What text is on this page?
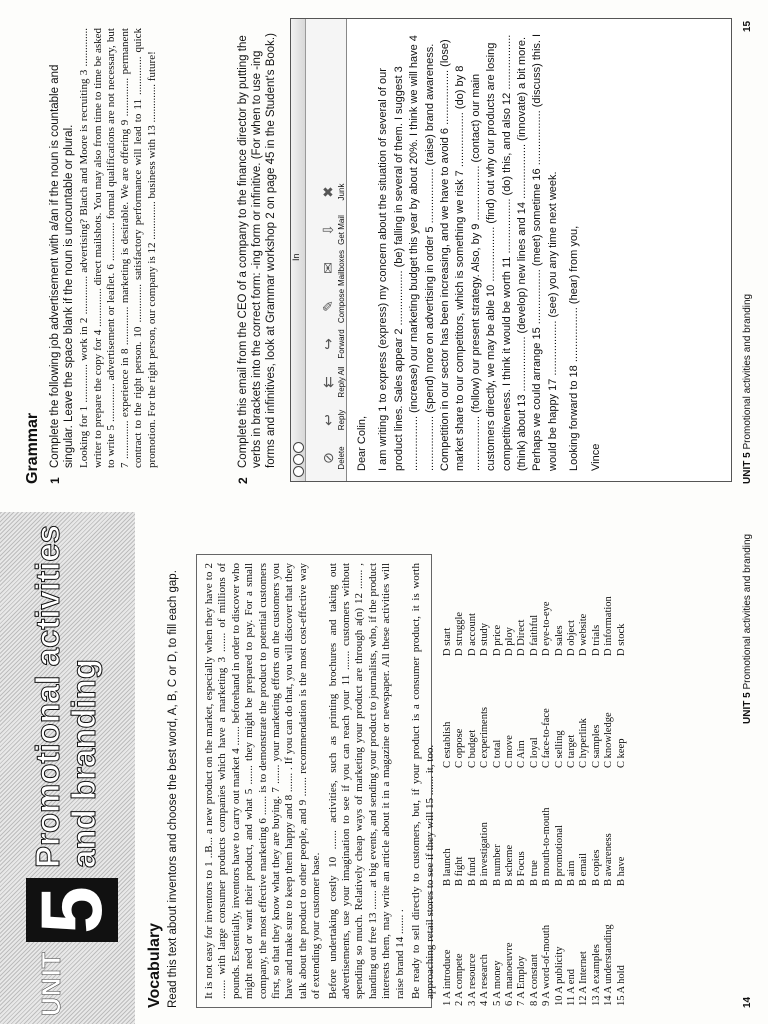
UNIT
5
Promotional activities and branding
Vocabulary Read this text about inventors and choose the best word, A, B, C or D, to fill each gap. It is not easy for inventors to 1 ..B... a new product on the market, especially when they have to 2 ....... with large consumer products companies which have a marketing 3 ....... of millions of pounds. Essentially, inventors have to carry out market 4 ....... beforehand in order to discover who might need or want their product, and what 5 ....... they might be prepared to pay. For a small company, the most effective marketing 6 ....... is to demonstrate the product to potential customers first, so that they know what they are buying. 7 ....... your marketing efforts on the customers you have and make sure to keep them happy and 8 ....... . If you can do that, you will discover that they talk about the product to other people, and 9 ....... recommendation is the most cost-effective way of extending your customer base. Before undertaking costly 10 ....... activities, such as printing brochures and taking out advertisements, use your imagination to see if you can reach your 11 ....... customers without spending so much. Relatively cheap ways of marketing your product are through a(n) 12 ....... , handing out free 13 ....... at big events, and sending your product to journalists, who, if the product interests them, may write an article about it in a magazine or newspaper. All these activities will raise brand 14 ....... . Be ready to sell directly to customers, but, if your product is a consumer product, it is worth approaching retail stores to see if they will 15 ....... it, too. 1 A introduce
B launch
C establish
D start
2 A compete
B fight
C oppose
D struggle
3 A resource
B fund
C budget
D account
4 A research
B investigation
C experiments
D study
5 A money
B number
C total
D price
6 A manoeuvre
B scheme
C move
D ploy
7 A Employ
B Focus
C Aim
D Direct
8 A constant
B true
C loyal
D faithful
9 A word-of-mouth
B mouth-to-mouth
C face-to-face
D eye-to-eye
10 A publicity
B promotional
C selling
D sales
11 A end
B aim
C target
D object
12 A Internet
B email
C hyperlink
D website
13 A examples
B copies
C samples
D trials
14 A understanding
B awareness
C knowledge
D information
15 A hold
B have
C keep
D stock
14
UNIT 5 Promotional activities and branding
Grammar 1
Complete the following job advertisement with a/an if the noun is countable and singular. Leave the space blank if the noun is uncountable or plural. Looking for 1 .............. work in 2 .............. advertising? Blatch and Moore is recruiting 3 .............. writer to prepare the copy for 4 .............. direct mailshots. You may also from time to time be asked to write 5 .............. advertisement or leaflet. 6 .............. formal qualifications are not necessary, but 7 .............. experience in 8 .............. marketing is desirable. We are offering 9 .............. permanent contract to the right person. 10 .............. satisfactory performance will lead to 11 .............. quick promotion. For the right person, our company is 12 .............. business with 13 .............. future!
2
Complete this email from the CEO of a company to the finance director by putting the verbs in brackets into the correct form: -ing form or infinitive. (For when to use -ing forms and infinitives, look at Grammar workshop 2 on page 45 in the Student's Book.) In
⊘ Delete
↩ Reply
⇇ Reply All
↪ Forward
✎ Compose
✉ Mailboxes
⇩ Get Mail
✖ Junk

Dear Colin, I am writing 1 to express (express) my concern about the situation of several of our product lines. Sales appear 2 .................. (be) falling in several of them. I suggest 3 .................. (increase) our marketing budget this year by about 20%. I think we will have 4 .................. (spend) more on advertising in order 5 .................. (raise) brand awareness. Competition in our sector has been increasing, and we have to avoid 6 .................. (lose) market share to our competitors, which is something we risk 7 .................. (do) by 8 .................. (follow) our present strategy. Also, by 9 .................. (contact) our main customers directly, we may be able 10 .................. (find) out why our products are losing competitiveness. I think it would be worth 11 .................. (do) this, and also 12 .................. (think) about 13 .................. (develop) new lines and 14 .................. (innovate) a bit more. Perhaps we could arrange 15 .................. (meet) sometime 16 .................. (discuss) this. I would be happy 17 .................. (see) you any time next week. Looking forward to 18 .................. (hear) from you, Vince	UNIT 5 Promotional activities and branding
15
